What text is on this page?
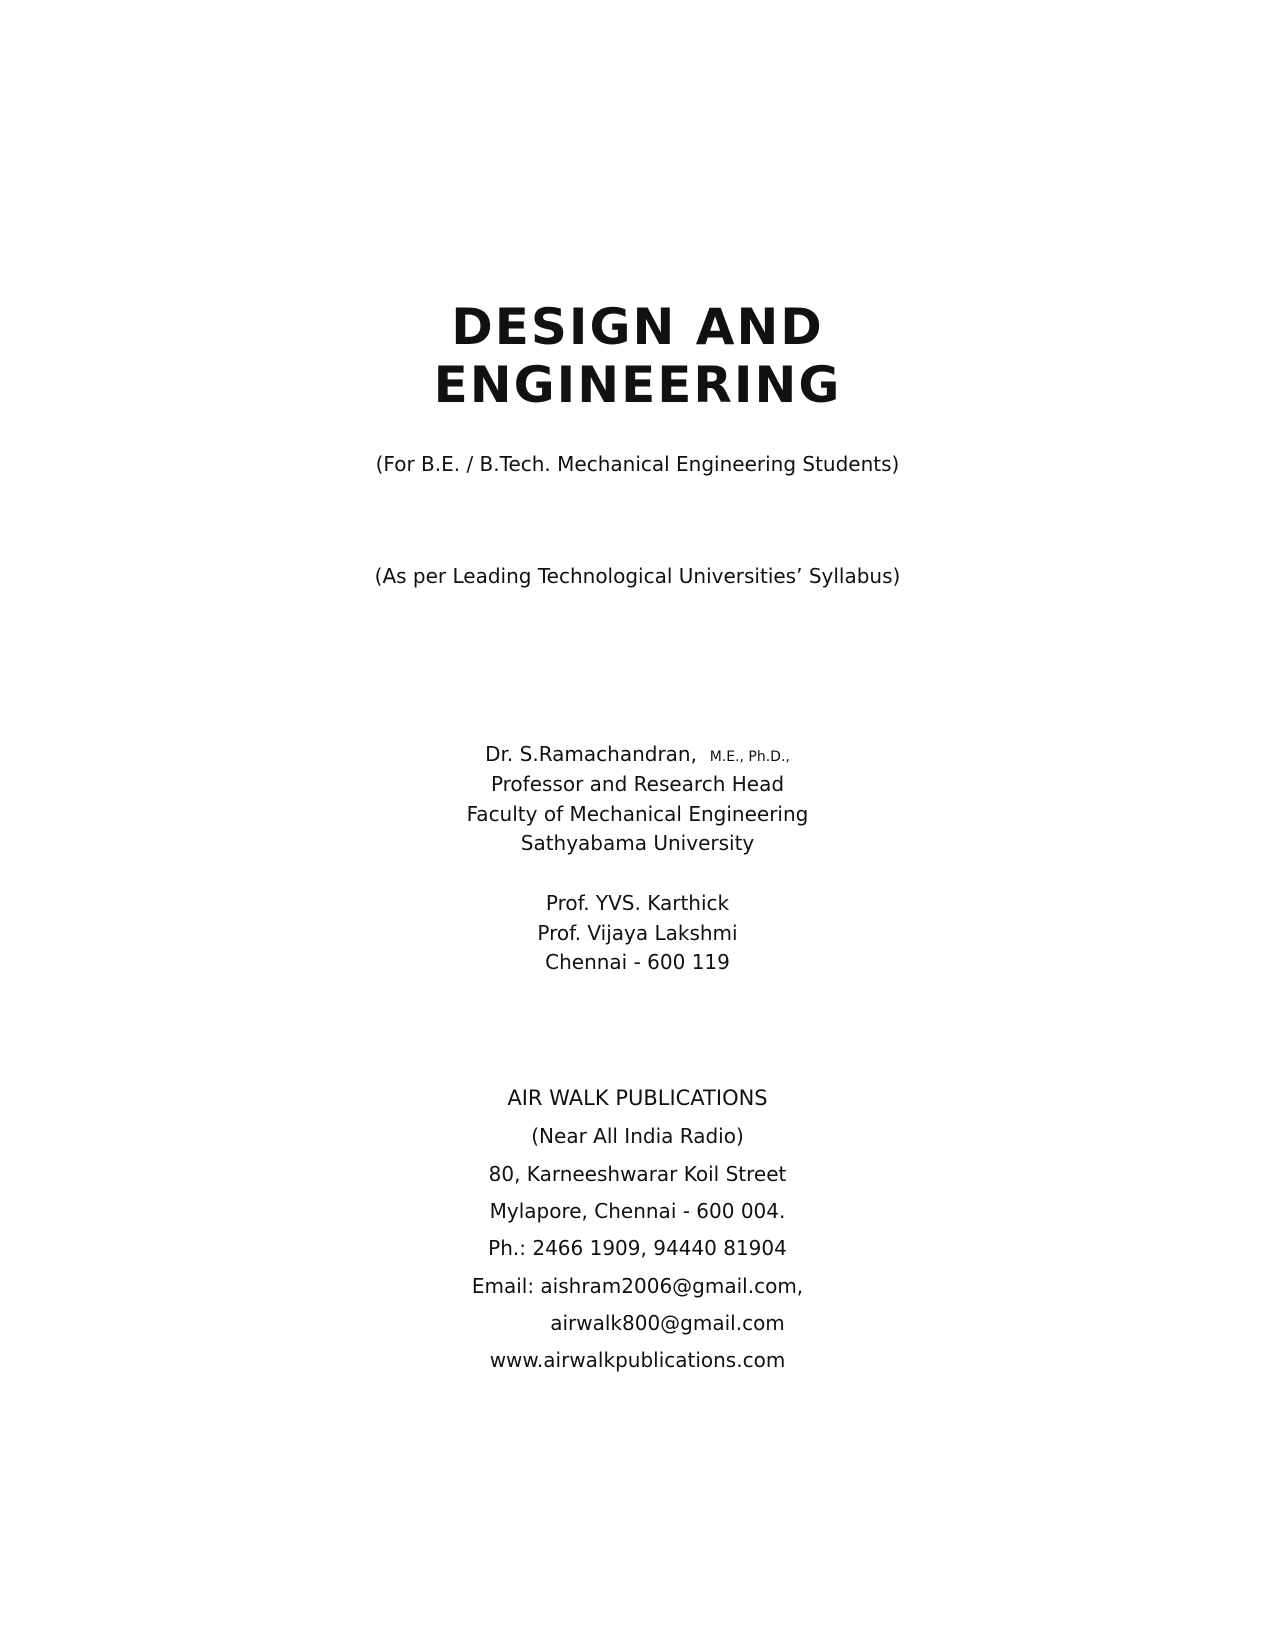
DESIGN AND
ENGINEERING
(For B.E. / B.Tech. Mechanical Engineering Students)
(As per Leading Technological Universities’ Syllabus)
Dr. S.Ramachandran, M.E., Ph.D.,
Professor and Research Head
Faculty of Mechanical Engineering
Sathyabama University
Prof. YVS. Karthick
Prof. Vijaya Lakshmi
Chennai - 600 119
AIR WALK PUBLICATIONS
(Near All India Radio)
80, Karneeshwarar Koil Street
Mylapore, Chennai - 600 004.
Ph.: 2466 1909, 94440 81904
Email: aishram2006@gmail.com,
airwalk800@gmail.com
www.airwalkpublications.com
